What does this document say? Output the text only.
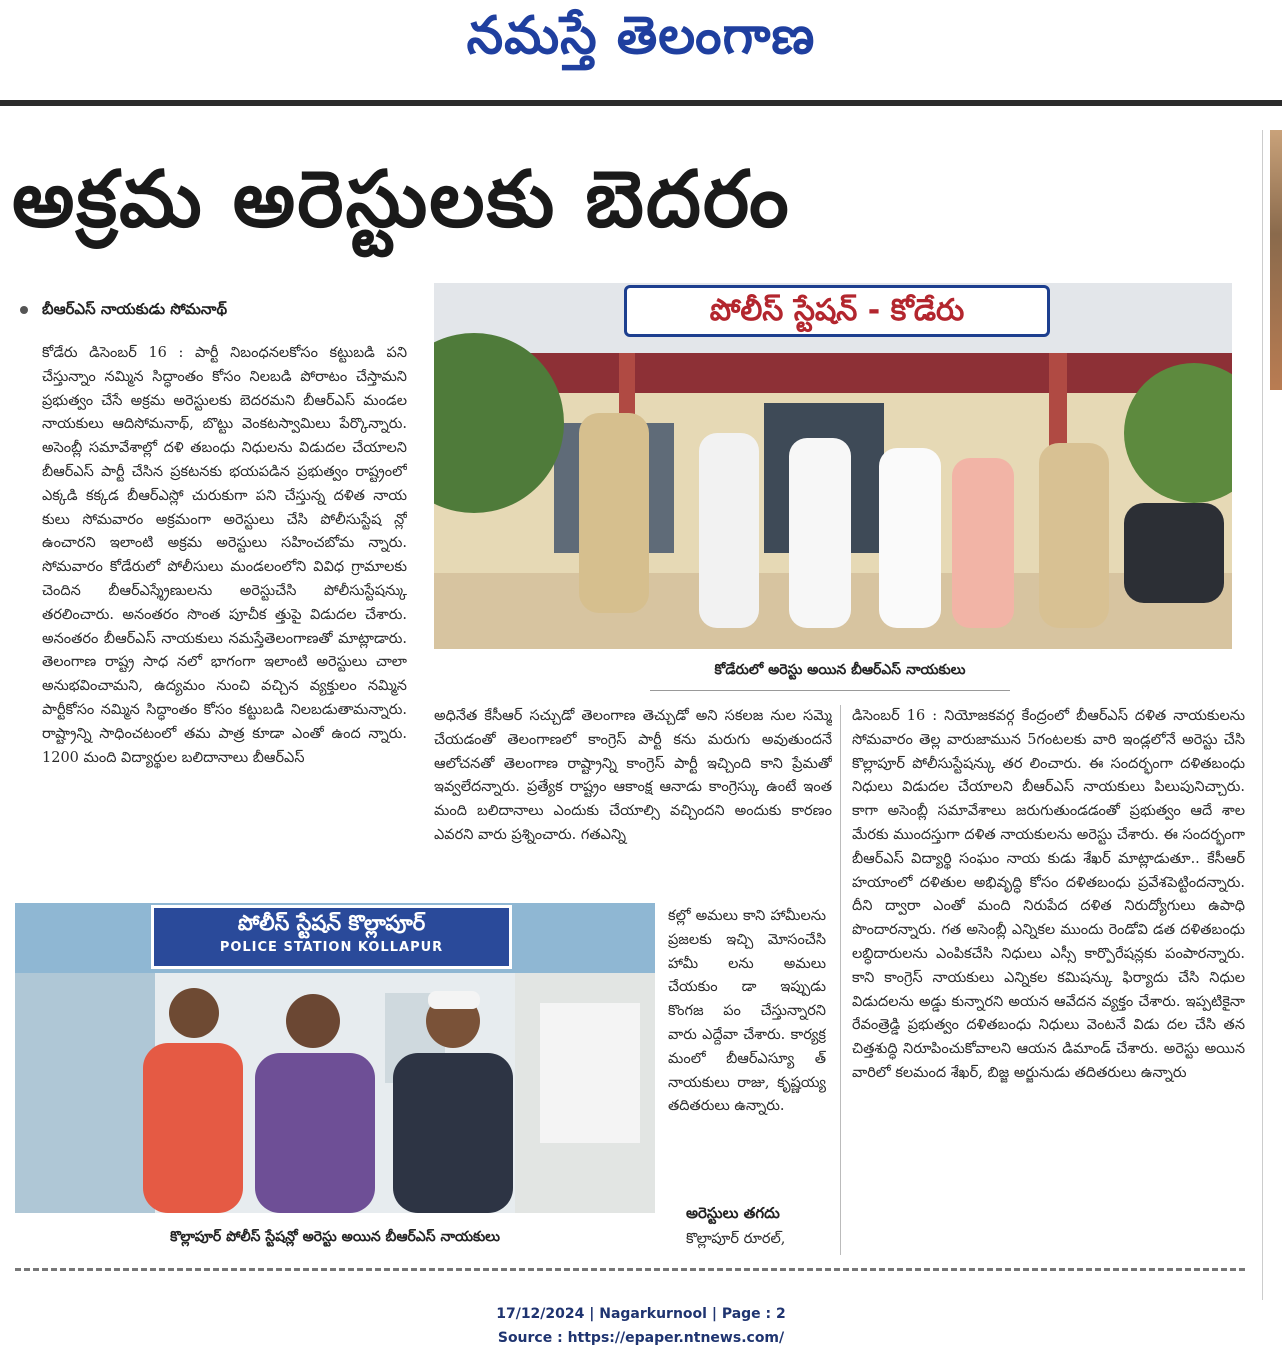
నమస్తే తెలంగాణ
అక్రమ అరెస్టులకు బెదరం
బీఆర్ఎస్ నాయకుడు సోమనాథ్

కోడేరు డిసెంబర్ 16 : పార్టీ నిబంధనలకోసం కట్టుబడి పని చేస్తున్నాం నమ్మిన సిద్ధాంతం కోసం నిలబడి పోరాటం చేస్తామని ప్రభుత్వం చేసే అక్రమ అరెస్టులకు బెదరమని బీఆర్ఎస్ మండల నాయకులు ఆదిసోమనాథ్, బొట్టు వెంకటస్వామిలు పేర్కొన్నారు. అసెంబ్లీ సమావేశాల్లో దళి తబంధు నిధులను విడుదల చేయాలని బీఆర్ఎస్ పార్టీ చేసిన ప్రకటనకు భయపడిన ప్రభుత్వం రాష్ట్రంలో ఎక్కడి కక్కడ బీఆర్ఎస్లో చురుకుగా పని చేస్తున్న దళిత నాయ కులు సోమవారం అక్రమంగా అరెస్టులు చేసి పోలీసుస్టేష న్లో ఉంచారని ఇలాంటి అక్రమ అరెస్టులు సహించబోమ న్నారు. సోమవారం కోడేరులో పోలీసులు మండలంలోని వివిధ గ్రామాలకు చెందిన బీఆర్ఎస్శ్రేణులను అరెస్టుచేసి పోలీసుస్టేషన్కు తరలించారు. అనంతరం సొంత పూచీక త్తుపై విడుదల చేశారు. అనంతరం బీఆర్ఎస్ నాయకులు నమస్తేతెలంగాణతో మాట్లాడారు. తెలంగాణ రాష్ట్ర సాధ నలో భాగంగా ఇలాంటి అరెస్టులు చాలా అనుభవించామని, ఉద్యమం నుంచి వచ్చిన వ్యక్తులం నమ్మిన పార్టీకోసం నమ్మిన సిద్ధాంతం కోసం కట్టుబడి నిలబడుతామన్నారు. రాష్ట్రాన్ని సాధించటంలో తమ పాత్ర కూడా ఎంతో ఉంద న్నారు. 1200 మంది విద్యార్థుల బలిదానాలు బీఆర్ఎస్

పోలీస్ స్టేషన్ - కోడేరు
కోడేరులో అరెస్టు అయిన బీఆర్ఎస్ నాయకులు

అధినేత కేసీఆర్ సచ్చుడో తెలంగాణ తెచ్చుడో అని సకలజ నుల సమ్మె చేయడంతో తెలంగాణలో కాంగ్రెస్ పార్టీ కను మరుగు అవుతుందనే ఆలోచనతో తెలంగాణ రాష్ట్రాన్ని కాంగ్రెస్ పార్టీ ఇచ్చింది కాని ప్రేమతో ఇవ్వలేదన్నారు. ప్రత్యేక రాష్ట్రం ఆకాంక్ష ఆనాడు కాంగ్రెస్కు ఉంటే ఇంత మంది బలిదానాలు ఎందుకు చేయాల్సి వచ్చిందని అందుకు కారణం ఎవరని వారు ప్రశ్నించారు. గతఎన్ని

పోలీస్ స్టేషన్ కొల్లాపూర్
POLICE STATION KOLLAPUR
కొల్లాపూర్ పోలీస్ స్టేషన్లో అరెస్టు అయిన బీఆర్ఎస్ నాయకులు

కల్లో అమలు కాని హామీలను ప్రజలకు ఇచ్చి మోసంచేసి హామీ లను అమలు చేయకుం డా ఇప్పుడు కొంగజ పం చేస్తున్నారని వారు ఎద్దేవా చేశారు. కార్యక్ర మంలో బీఆర్ఎస్యూ త్ నాయకులు రాజు, కృష్ణయ్య తదితరులు ఉన్నారు.

అరెస్టులు తగదు
కొల్లాపూర్ రూరల్,

డిసెంబర్ 16 : నియోజకవర్గ కేంద్రంలో బీఆర్ఎస్ దళిత నాయకులను సోమవారం తెల్ల వారుజామున 5గంటలకు వారి ఇండ్లలోనే అరెస్టు చేసి కొల్లాపూర్ పోలీసుస్టేషన్కు తర లించారు. ఈ సందర్భంగా దళితబంధు నిధులు విడుదల చేయాలని బీఆర్ఎస్ నాయకులు పిలుపునిచ్చారు. కాగా అసెంబ్లీ సమావేశాలు జరుగుతుండడంతో ప్రభుత్వం ఆదే శాల మేరకు ముందస్తుగా దళిత నాయకులను అరెస్టు చేశారు. ఈ సందర్భంగా బీఆర్ఎస్ విద్యార్థి సంఘం నాయ కుడు శేఖర్ మాట్లాడుతూ.. కేసీఆర్ హయాంలో దళితుల అభివృద్ధి కోసం దళితబంధు ప్రవేశపెట్టిందన్నారు. దీని ద్వారా ఎంతో మంది నిరుపేద దళిత నిరుద్యోగులు ఉపాధి పొందారన్నారు. గత అసెంబ్లీ ఎన్నికల ముందు రెండోవి డత దళితబంధు లబ్ధిదారులను ఎంపికచేసి నిధులు ఎస్సీ కార్పొరేషన్లకు పంపారన్నారు. కాని కాంగ్రెస్ నాయకులు ఎన్నికల కమిషన్కు ఫిర్యాదు చేసి నిధుల విడుదలను అడ్డు కున్నారని అయన ఆవేదన వ్యక్తం చేశారు. ఇప్పటికైనా రేవంత్రెడ్డి ప్రభుత్వం దళితబంధు నిధులు వెంటనే విడు దల చేసి తన చిత్తశుద్ధి నిరూపించుకోవాలని ఆయన డిమాండ్ చేశారు. అరెస్టు అయిన వారిలో కలమంద శేఖర్, బిజ్జ అర్జునుడు తదితరులు ఉన్నారు

17/12/2024 | Nagarkurnool | Page : 2
Source : https://epaper.ntnews.com/
